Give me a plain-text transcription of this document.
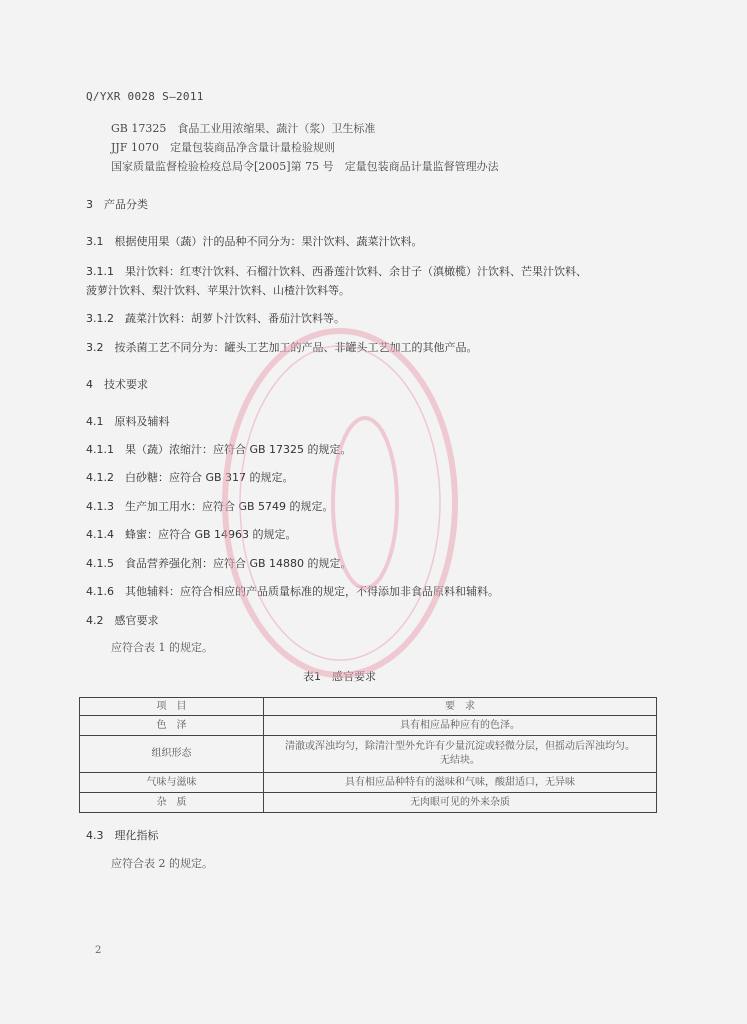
Q/YXR 0028 S—2011
GB 17325　食品工业用浓缩果、蔬汁（浆）卫生标准
JJF 1070　定量包装商品净含量计量检验规则
国家质量监督检验检疫总局令[2005]第 75 号　定量包装商品计量监督管理办法
3　产品分类
3.1　根据使用果（蔬）汁的品种不同分为：果汁饮料、蔬菜汁饮料。
3.1.1　果汁饮料：红枣汁饮料、石榴汁饮料、西番莲汁饮料、余甘子（滇橄榄）汁饮料、芒果汁饮料、
菠萝汁饮料、梨汁饮料、苹果汁饮料、山楂汁饮料等。
3.1.2　蔬菜汁饮料：胡萝卜汁饮料、番茄汁饮料等。
3.2　按杀菌工艺不同分为：罐头工艺加工的产品、非罐头工艺加工的其他产品。
4　技术要求
4.1　原料及辅料
4.1.1　果（蔬）浓缩汁：应符合 GB 17325 的规定。
4.1.2　白砂糖：应符合 GB 317 的规定。
4.1.3　生产加工用水：应符合 GB 5749 的规定。
4.1.4　蜂蜜：应符合 GB 14963 的规定。
4.1.5　食品营养强化剂：应符合 GB 14880 的规定。
4.1.6　其他辅料：应符合相应的产品质量标准的规定，不得添加非食品原料和辅料。
4.2　感官要求
应符合表 1 的规定。
表1　感官要求
项　目	要　求
色　泽	具有相应品种应有的色泽。
组织形态	清澈或浑浊均匀，除清汁型外允许有少量沉淀或轻微分层，但摇动后浑浊均匀。
无结块。

气味与滋味	具有相应品种特有的滋味和气味，酸甜适口，无异味
杂　质	无肉眼可见的外来杂质
4.3　理化指标
应符合表 2 的规定。
2
